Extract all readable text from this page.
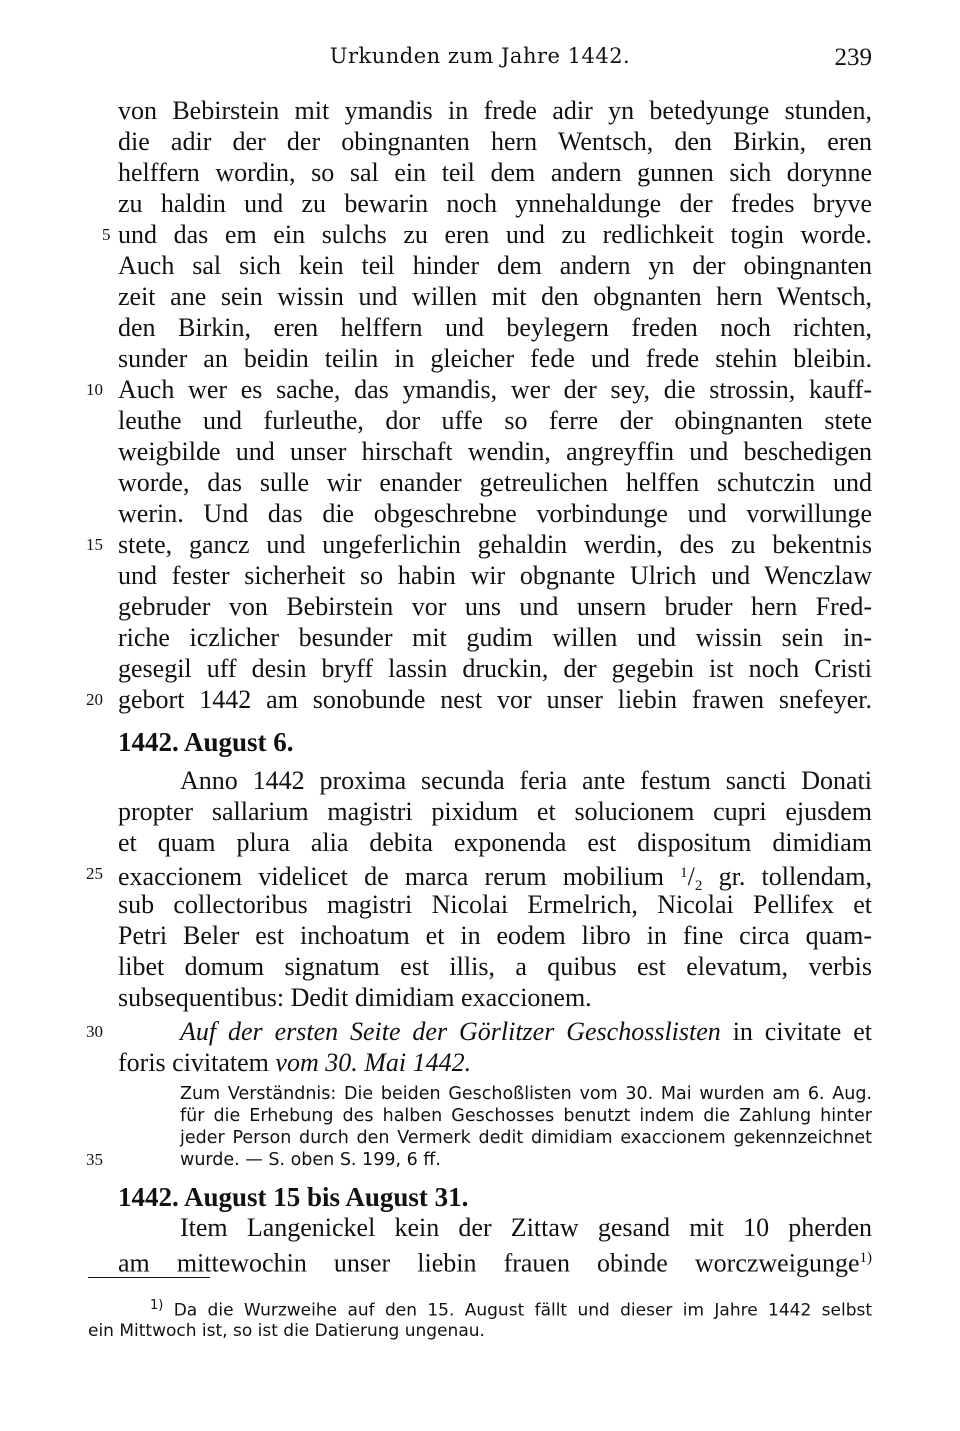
Urkunden zum Jahre 1442.	239
von Bebirstein mit ymandis in frede adir yn betedyunge stunden,
die adir der der obingnanten hern Wentsch, den Birkin, eren
helffern wordin, so sal ein teil dem andern gunnen sich dorynne
zu haldin und zu bewarin noch ynnehaldunge der fredes bryve
und das em ein sulchs zu eren und zu redlichkeit togin worde.
Auch sal sich kein teil hinder dem andern yn der obingnanten
zeit ane sein wissin und willen mit den obgnanten hern Wentsch,
den Birkin, eren helffern und beylegern freden noch richten,
sunder an beidin teilin in gleicher fede und frede stehin bleibin.
Auch wer es sache, das ymandis, wer der sey, die strossin, kauff-
leuthe und furleuthe, dor uffe so ferre der obingnanten stete
weigbilde und unser hirschaft wendin, angreyffin und beschedigen
worde, das sulle wir enander getreulichen helffen schutczin und
werin. Und das die obgeschrebne vorbindunge und vorwillunge
stete, gancz und ungeferlichin gehaldin werdin, des zu bekentnis
und fester sicherheit so habin wir obgnante Ulrich und Wenczlaw
gebruder von Bebirstein vor uns und unsern bruder hern Fred-
riche iczlicher besunder mit gudim willen und wissin sein in-
gesegil uff desin bryff lassin druckin, der gegebin ist noch Cristi
gebort 1442 am sonobunde nest vor unser liebin frawen snefeyer.
1442. August 6.
Anno 1442 proxima secunda feria ante festum sancti Donati
propter sallarium magistri pixidum et solucionem cupri ejusdem
et quam plura alia debita exponenda est dispositum dimidiam
exaccionem videlicet de marca rerum mobilium $^1/_2$ gr. tollendam,
sub collectoribus magistri Nicolai Ermelrich, Nicolai Pellifex et
Petri Beler est inchoatum et in eodem libro in fine circa quam-
libet domum signatum est illis, a quibus est elevatum, verbis
subsequentibus: Dedit dimidiam exaccionem.
Auf der ersten Seite der Görlitzer Geschosslisten in civitate et
foris civitatem vom 30. Mai 1442.
Zum Verständnis: Die beiden Geschoßlisten vom 30. Mai wurden am 6. Aug.
für die Erhebung des halben Geschosses benutzt indem die Zahlung hinter
jeder Person durch den Vermerk dedit dimidiam exaccionem gekennzeichnet
wurde. — S. oben S. 199, 6 ff.
1442. August 15 bis August 31.
Item Langenickel kein der Zittaw gesand mit 10 pherden
am mittewochin unser liebin frauen obinde worczweigunge$^{1)}$
5
10
15
20
25
30
35
$^{1)}$ Da die Wurzweihe auf den 15. August fällt und dieser im Jahre 1442 selbst
ein Mittwoch ist, so ist die Datierung ungenau.
